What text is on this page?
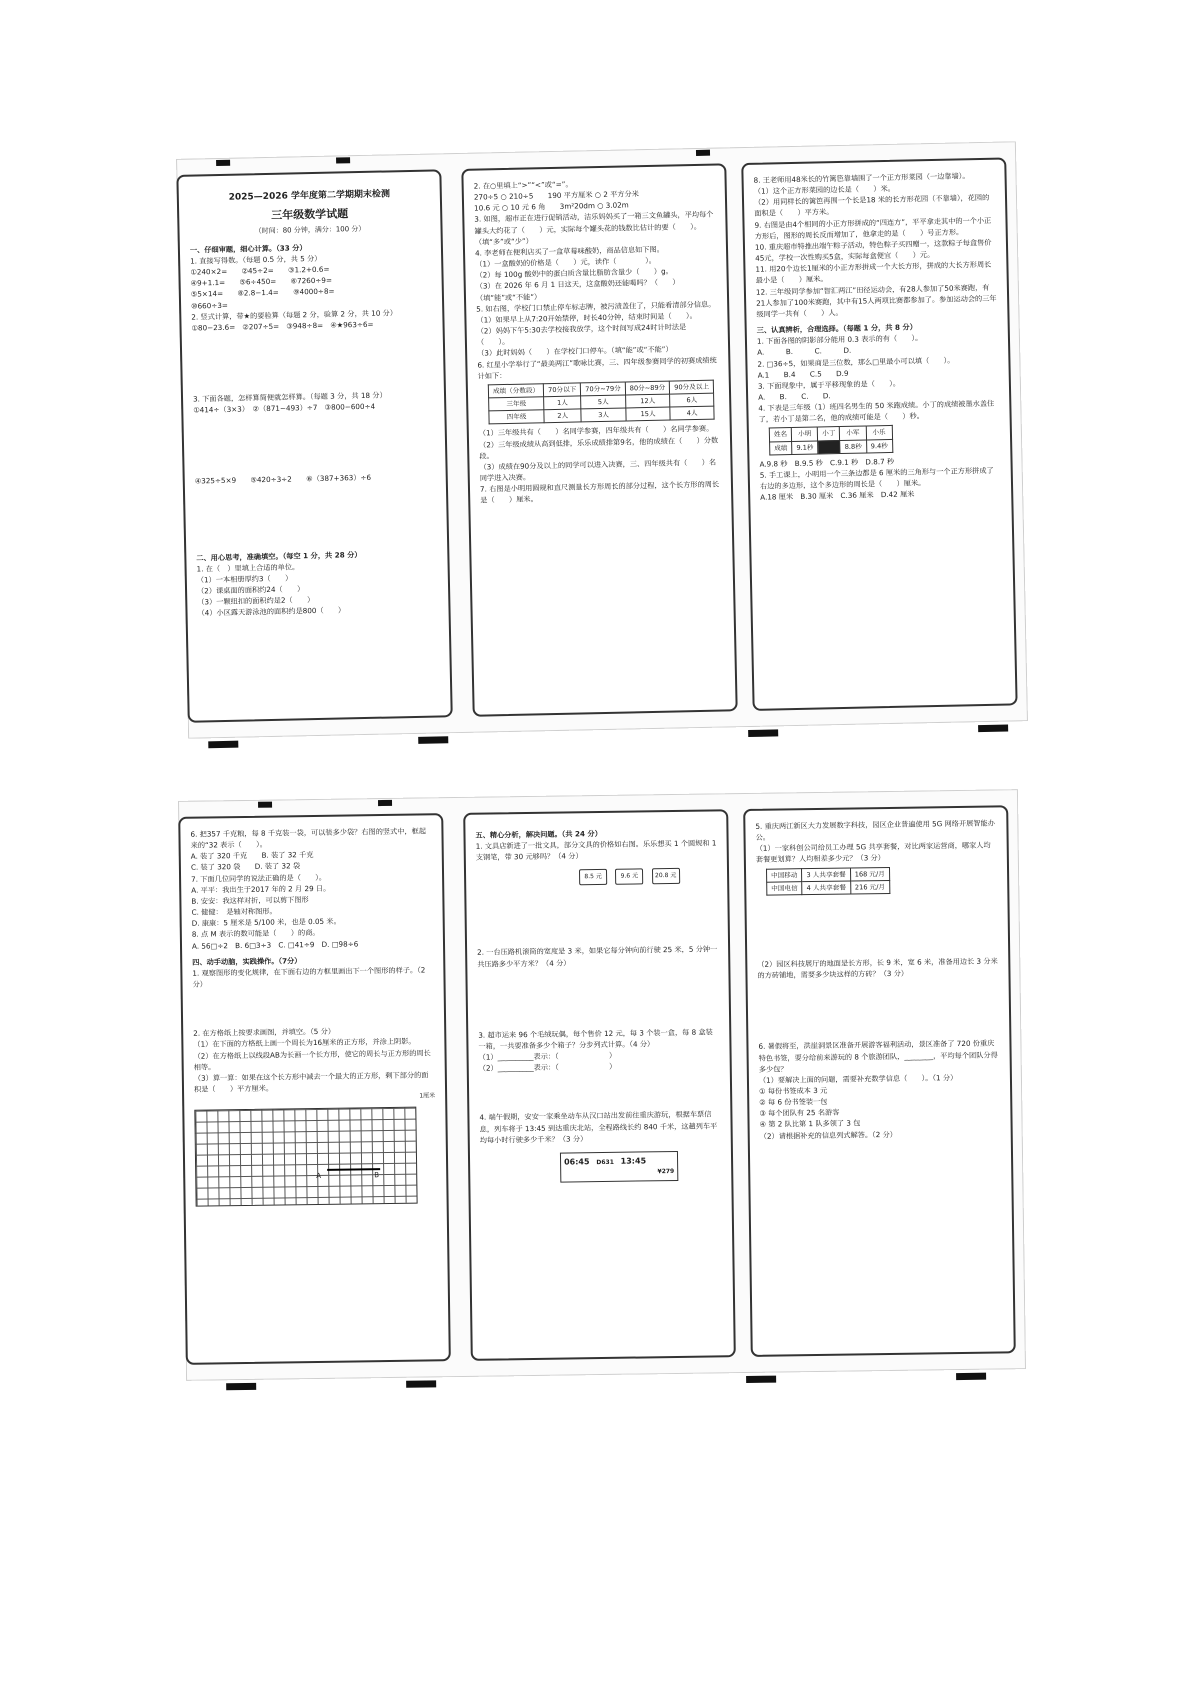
2025—2026 学年度第二学期期末检测
三年级数学试题
（时间：80 分钟，满分：100 分）
一、仔细审题，细心计算。（33 分）
1. 直接写得数。（每题 0.5 分，共 5 分）
①240×2=　　②45÷2=　　③1.2+0.6=
④9+1.1=　　⑤6÷450=　　⑥7260÷9=
⑤5×14=　　⑧2.8−1.4=　　⑨4000÷8=
⑩660÷3=
2. 竖式计算，带★的要验算（每题 2 分，验算 2 分，共 10 分）
①80−23.6=　②207÷5=　③948÷8=　④★963÷6=
3. 下面各题，怎样算简便就怎样算。（每题 3 分，共 18 分）
①414÷（3×3）　②（871−493）÷7　③800−600÷4
④325÷5×9　　⑤420÷3÷2　　⑥（387+363）÷6
二、用心思考，准确填空。（每空 1 分，共 28 分）
1. 在（　）里填上合适的单位。
（1）一本相册厚约3（　　）
（2）课桌面的面积约24（　　）
（3）一颗纽扣的面积约是2（　　）
（4）小区露天游泳池的面积约是800（　　）
2. 在○里填上“>”“<”或“=”。
270÷5 ○ 210÷5　　190 平方厘米 ○ 2 平方分米
10.6 元 ○ 10 元 6 角　　3m²20dm ○ 3.02m
3. 如图，超市正在进行促销活动，洁乐妈妈买了一箱三文鱼罐头，平均每个罐头大约花了（　　）元，实际每个罐头花的钱数比估计的要（　　）。（填“多”或“少”）
4. 李老师在便利店买了一盒草莓味酸奶，商品信息如下图。
（1）一盒酸奶的价格是（　　）元，读作（　　　　）。
（2）每 100g 酸奶中的蛋白质含量比脂肪含量少（　　）g。
（3）在 2026 年 6 月 1 日这天，这盒酸奶还能喝吗？（　　）（填“能”或“不能”）
5. 如右图，学校门口禁止停车标志牌，被污渍盖住了，只能看清部分信息。
（1）如果早上从7:20开始禁停，时长40分钟，结束时间是（　　）。
（2）妈妈下午5:30去学校接我放学，这个时间写成24时计时法是（　　）。
（3）此时妈妈（　　）在学校门口停车。（填“能”或“不能”）
6. 红星小学举行了“最美两江”歌咏比赛，三、四年级参赛同学的初赛成绩统计如下：
成绩（分数段）	70分以下	70分~79分	80分~89分	90分及以上
三年级	1人	5人	12人	6人
四年级	2人	3人	15人	4人
（1）三年级共有（　　）名同学参赛，四年级共有（　　）名同学参赛。
（2）三年级成绩从高到低排，乐乐成绩排第9名，他的成绩在（　　）分数段。
（3）成绩在90分及以上的同学可以进入决赛，三、四年级共有（　　）名同学进入决赛。
7. 右图是小明用圆规和直尺测量长方形周长的部分过程，这个长方形的周长是（　　）厘米。
8. 王老师用48米长的竹篱笆靠墙围了一个正方形菜园（一边靠墙）。
（1）这个正方形菜园的边长是（　　）米。
（2）用同样长的篱笆再围一个长是18 米的长方形花园（不靠墙），花园的面积是（　　）平方米。
9. 右图是由4个相同的小正方形拼成的“四连方”，平平拿走其中的一个小正方形后，图形的周长反而增加了，他拿走的是（　　）号正方形。
10. 重庆超市特推出端午粽子活动，特色粽子买四赠一，这款粽子每盒售价 45元，学校一次性购买5盒，实际每盒便宜（　　）元。
11. 用20个边长1厘米的小正方形拼成一个大长方形，拼成的大长方形周长最小是（　　）厘米。
12. 三年级同学参加“智汇两江”田径运动会，有28人参加了50米赛跑，有21人参加了100米赛跑，其中有15人两项比赛都参加了。参加运动会的三年级同学一共有（　　）人。
三、认真辨析，合理选择。（每题 1 分，共 8 分）
1. 下面各图的阴影部分能用 0.3 表示的有（　　）。
A.　　　B.　　　C.　　　D.
2. □36÷5，如果商是三位数，那么□里最小可以填（　　）。
A.1　　B.4　　C.5　　D.9
3. 下面现象中，属于平移现象的是（　　）。
A.　　B.　　C.　　D.
4. 下表是三年级（1）班四名男生的 50 米跑成绩。小丁的成绩被墨水盖住了，若小丁是第二名，他的成绩可能是（　　）秒。
姓名	小明	小丁	小军	小乐
成绩	9.1秒		8.8秒	9.4秒
A.9.8 秒　B.9.5 秒　C.9.1 秒　D.8.7 秒
5. 手工课上，小明用一个三条边都是 6 厘米的三角形与一个正方形拼成了右边的多边形，这个多边形的周长是（　　）厘米。
A.18 厘米　B.30 厘米　C.36 厘米　D.42 厘米
6. 把357 千克粮，每 8 千克装一袋，可以装多少袋？右图的竖式中，框起来的“32 表示（　　）。
A. 装了 320 千克　　B. 装了 32 千克
C. 装了 320 袋　　D. 装了 32 袋
7. 下面几位同学的说法正确的是（　　）。
A. 平平：我出生于2017 年的 2 月 29 日。
B. 安安：我这样对折，可以剪下图形
C. 健健：　是轴对称图形。
D. 康康：5 厘米是 5/100 米，也是 0.05 米。
8. 点 M 表示的数可能是（　　）的商。
A. 56□÷2　B. 6□3÷3　C. □41÷9　D. □98÷6
四、动手动脑，实践操作。（7分）
1. 观察图形的变化规律，在下面右边的方框里画出下一个图形的样子。（2 分）
2. 在方格纸上按要求画图，并填空。（5 分）
（1）在下面的方格纸上画一个周长为16厘米的正方形，并涂上阴影。
（2）在方格纸上以线段AB为长画一个长方形，使它的周长与正方形的周长相等。
（3）算一算：如果在这个长方形中减去一个最大的正方形，剩下部分的面积是（　　）平方厘米。
1厘米
A	B
五、精心分析，解决问题。（共 24 分）
1. 文具店新进了一批文具，部分文具的价格如右图。乐乐想买 1 个圆规和 1 支钢笔，带 30 元够吗？（4 分）
8.5 元	9.6 元	20.8 元
2. 一台压路机滚筒的宽度是 3 米，如果它每分钟向前行驶 25 米，5 分钟一共压路多少平方米？（4 分）
3. 超市运来 96 个毛绒玩偶，每个售价 12 元，每 3 个装一盒，每 8 盒装一箱，一共要准备多少个箱子？分步列式计算。（4 分）
（1）__________表示：（　　　　　　　）
（2）__________表示：（　　　　　　　）
4. 端午假期，安安一家乘坐动车从汉口站出发前往重庆游玩，根据车票信息，列车将于 13:45 到达重庆北站，全程路线长约 840 千米，这趟列车平均每小时行驶多少千米？（3 分）
06:45 D631 13:45
¥279
5. 重庆两江新区大力发展数字科技，园区企业普遍使用 5G 网络开展智能办公。
（1）一家科创公司给员工办理 5G 共享套餐，对比两家运营商，哪家人均套餐更划算？人均相差多少元？（3 分）
中国移动	3 人共享套餐	168 元/月
中国电信	4 人共享套餐	216 元/月
（2）园区科技展厅的地面是长方形，长 9 米，宽 6 米，准备用边长 3 分米的方砖铺地，需要多少块这样的方砖？（3 分）
6. 暑假将至，洪崖洞景区准备开展游客福利活动，景区准备了 720 份重庆特色书签，要分给前来游玩的 8 个旅游团队，________，平均每个团队分得多少包？
（1）要解决上面的问题，需要补充数学信息（　　）。（1 分）
① 每份书签成本 3 元
② 每 6 份书签装一包
③ 每个团队有 25 名游客
④ 第 2 队比第 1 队多领了 3 包
（2）请根据补充的信息列式解答。（2 分）
